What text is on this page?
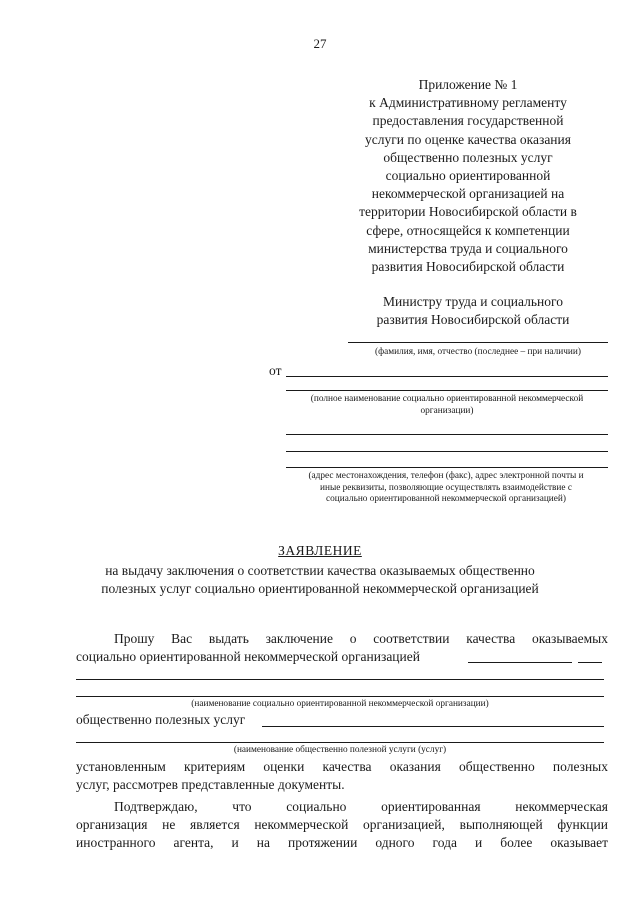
27
Приложение № 1
к Административному регламенту
предоставления государственной
услуги по оценке качества оказания
общественно полезных услуг
социально ориентированной
некоммерческой организацией на
территории Новосибирской области в
сфере, относящейся к компетенции
министерства труда и социального
развития Новосибирской области
Министру труда и социального
развития Новосибирской области
(фамилия, имя, отчество (последнее – при наличии)
от
(полное наименование социально ориентированной некоммерческой
организации)
(адрес местонахождения, телефон (факс), адрес электронной почты и
иные реквизиты, позволяющие осуществлять взаимодействие с
социально ориентированной некоммерческой организацией)
ЗАЯВЛЕНИЕ
на выдачу заключения о соответствии качества оказываемых общественно
полезных услуг социально ориентированной некоммерческой организацией
Прошу Вас выдать заключение о соответствии качества оказываемых
социально ориентированной некоммерческой организацией
(наименование социально ориентированной некоммерческой организации)
общественно полезных услуг
(наименование общественно полезной услуги (услуг)
установленным критериям оценки качества оказания общественно полезных
услуг, рассмотрев представленные документы.
Подтверждаю, что социально ориентированная некоммерческая
организация не является некоммерческой организацией, выполняющей функции
иностранного агента, и на протяжении одного года и более оказывает
